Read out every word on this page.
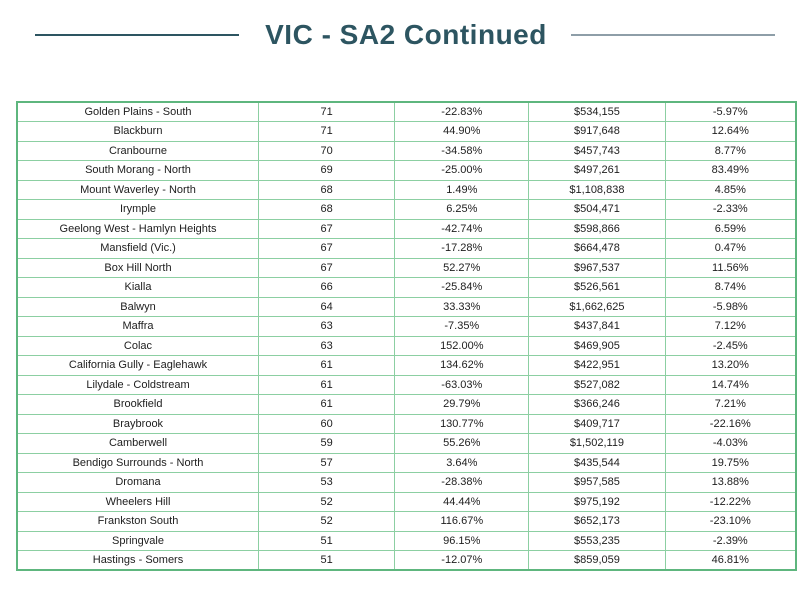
VIC - SA2 Continued
Golden Plains - South	71	-22.83%	$534,155	-5.97%
Blackburn	71	44.90%	$917,648	12.64%
Cranbourne	70	-34.58%	$457,743	8.77%
South Morang - North	69	-25.00%	$497,261	83.49%
Mount Waverley - North	68	1.49%	$1,108,838	4.85%
Irymple	68	6.25%	$504,471	-2.33%
Geelong West - Hamlyn Heights	67	-42.74%	$598,866	6.59%
Mansfield (Vic.)	67	-17.28%	$664,478	0.47%
Box Hill North	67	52.27%	$967,537	11.56%
Kialla	66	-25.84%	$526,561	8.74%
Balwyn	64	33.33%	$1,662,625	-5.98%
Maffra	63	-7.35%	$437,841	7.12%
Colac	63	152.00%	$469,905	-2.45%
California Gully - Eaglehawk	61	134.62%	$422,951	13.20%
Lilydale - Coldstream	61	-63.03%	$527,082	14.74%
Brookfield	61	29.79%	$366,246	7.21%
Braybrook	60	130.77%	$409,717	-22.16%
Camberwell	59	55.26%	$1,502,119	-4.03%
Bendigo Surrounds - North	57	3.64%	$435,544	19.75%
Dromana	53	-28.38%	$957,585	13.88%
Wheelers Hill	52	44.44%	$975,192	-12.22%
Frankston South	52	116.67%	$652,173	-23.10%
Springvale	51	96.15%	$553,235	-2.39%
Hastings - Somers	51	-12.07%	$859,059	46.81%
